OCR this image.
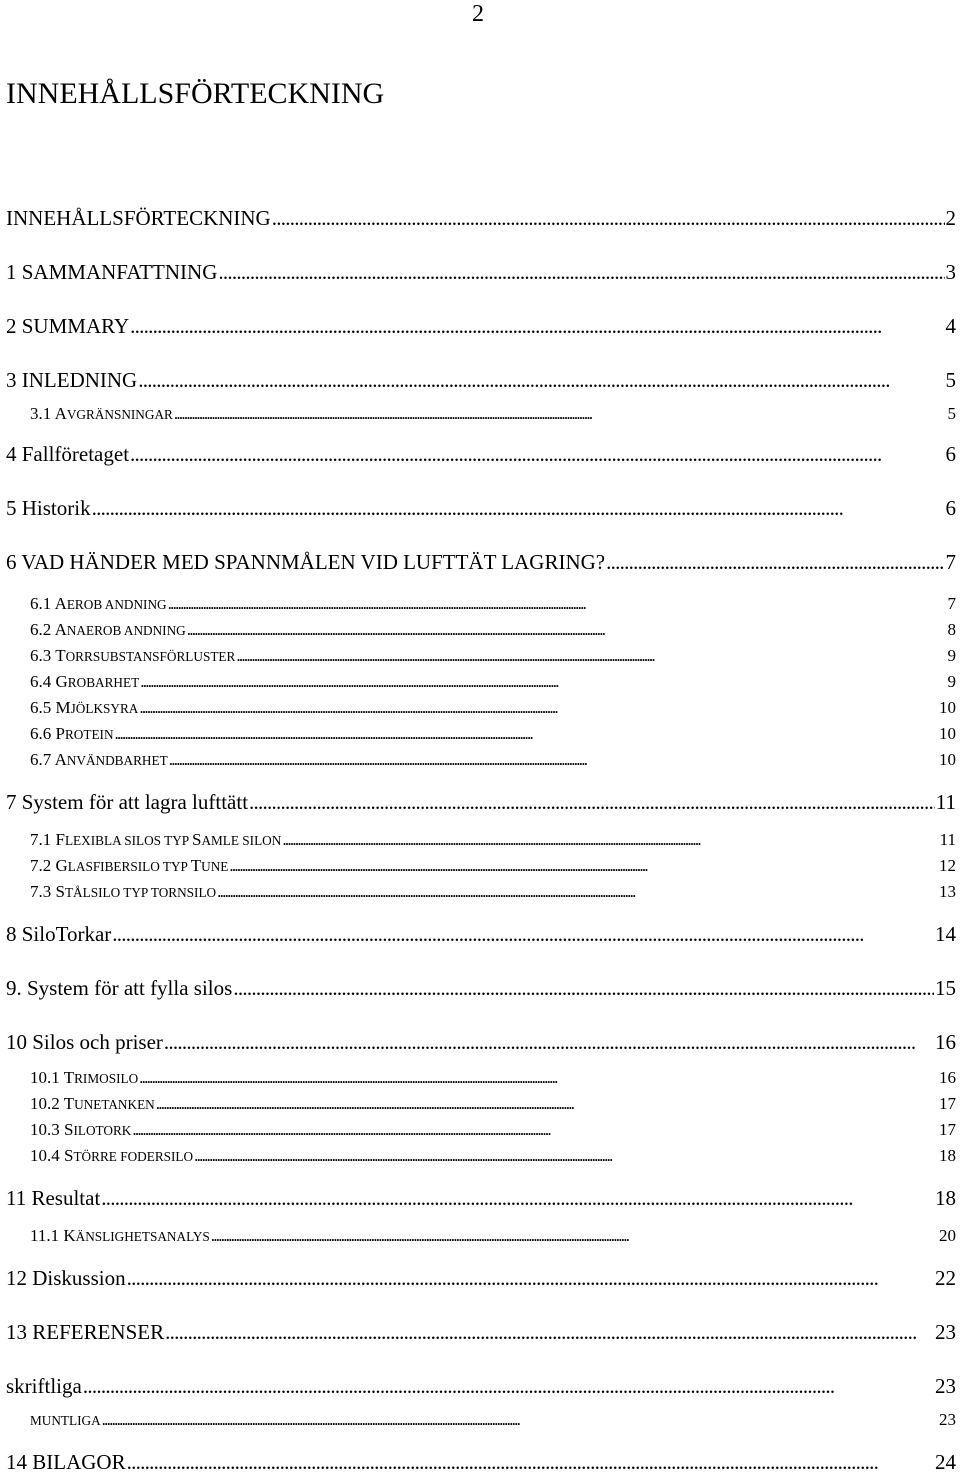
2
INNEHÅLLSFÖRTECKNING
INNEHÅLLSFÖRTECKNING . . .	2
1 SAMMANFATTNING . . .	3
2 SUMMARY . . .	4
3 INLEDNING . . .	5
3.1 AVGRÄNSNINGAR . . .	5
4 Fallföretaget . . .	6
5 Historik . . .	6
6 VAD HÄNDER MED SPANNMÅLEN VID LUFTTÄT LAGRING? . . .	7
6.1 AEROB ANDNING . . .	7
6.2 ANAEROB ANDNING . . .	8
6.3 TORRSUBSTANSFÖRLUSTER . . .	9
6.4 GROBARHET . . .	9
6.5 MJÖLKSYRA . . .	10
6.6 PROTEIN . . .	10
6.7 ANVÄNDBARHET . . .	10
7 System för att lagra lufttätt . . .	11
7.1 FLEXIBLA SILOS TYP SAMLE SILON . . .	11
7.2 GLASFIBERSILO TYP TUNE . . .	12
7.3 STÅLSILO TYP TORNSILO . . .	13
8 SiloTorkar . . .	14
9. System för att fylla silos . . .	15
10 Silos och priser . . .	16
10.1 TRIMOSILO . . .	16
10.2 TUNETANKEN . . .	17
10.3 SILOTORK . . .	17
10.4 STÖRRE FODERSILO . . .	18
11 Resultat . . .	18
11.1 KÄNSLIGHETSANALYS . . .	20
12 Diskussion . . .	22
13 REFERENSER . . .	23
skriftliga . . .	23
MUNTLIGA . . .	23
14 BILAGOR . . .	24
